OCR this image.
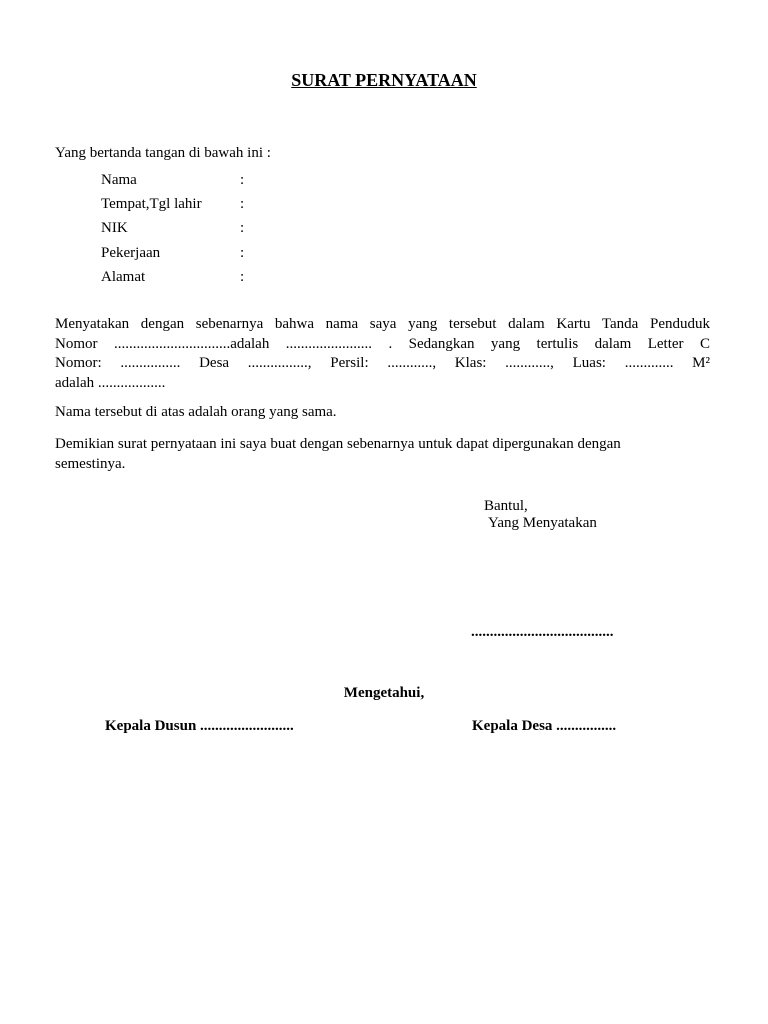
SURAT PERNYATAAN
Yang bertanda tangan di bawah ini :
Nama	:
Tempat,Tgl lahir	:
NIK	:
Pekerjaan	:
Alamat	:
Menyatakan dengan sebenarnya bahwa nama saya yang tersebut dalam Kartu Tanda Penduduk
Nomor ...............................adalah ....................... . Sedangkan yang tertulis dalam Letter C
Nomor: ................ Desa ................, Persil: ............, Klas: ............, Luas: ............. M²
adalah ..................
Nama tersebut di atas adalah orang yang sama.
Demikian surat pernyataan ini saya buat dengan sebenarnya untuk dapat dipergunakan dengan
semestinya.
Bantul,
Yang Menyatakan
......................................
Mengetahui,
Kepala Dusun .........................	Kepala Desa ................
